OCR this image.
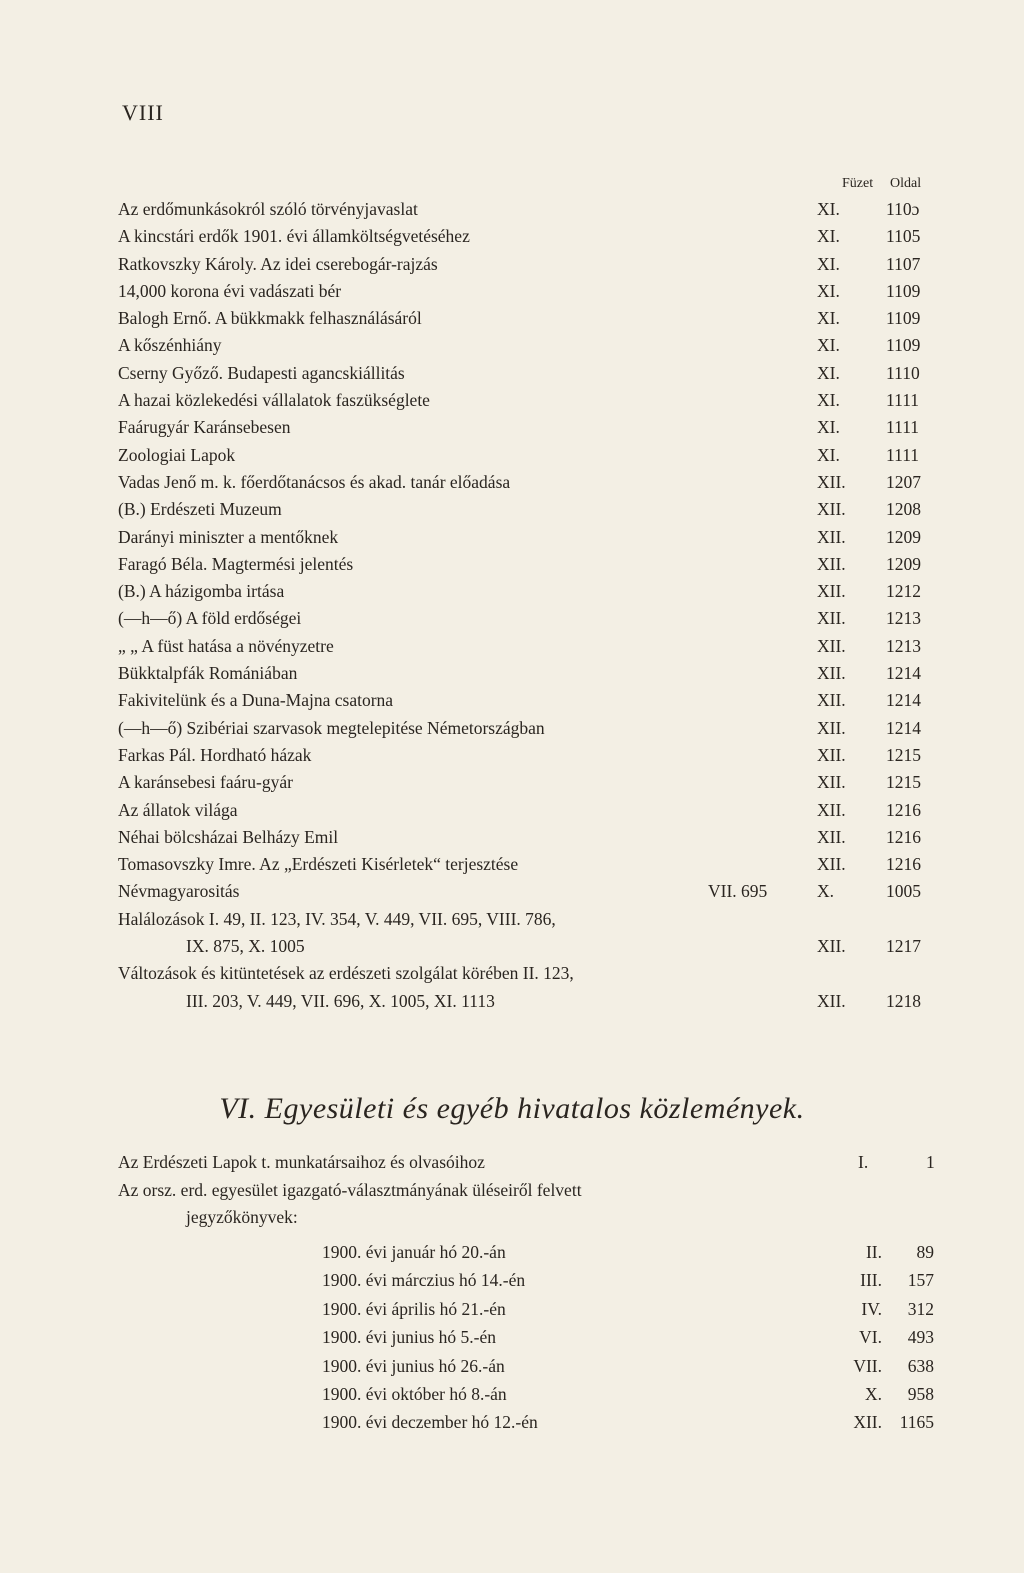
VIII
Füzet Oldal
Az erdőmunkásokról szóló törvényjavaslat	XI.	110ɔ
A kincstári erdők 1901. évi államköltségvetéséhez	XI.	1105
Ratkovszky Károly. Az idei cserebogár-rajzás	XI.	1107
14,000 korona évi vadászati bér	XI.	1109
Balogh Ernő. A bükkmakk felhasználásáról	XI.	1109
A kőszénhiány	XI.	1109
Cserny Győző. Budapesti agancskiállitás	XI.	1110
A hazai közlekedési vállalatok faszükséglete	XI.	1111
Faárugyár Karánsebesen	XI.	1111
Zoologiai Lapok	XI.	1111
Vadas Jenő m. k. főerdőtanácsos és akad. tanár előadása	XII. 1207
(B.) Erdészeti Muzeum	XII. 1208
Darányi miniszter a mentőknek	XII. 1209
Faragó Béla. Magtermési jelentés	XII. 1209
(B.) A házigomba irtása	XII. 1212
(—h—ő) A föld erdőségei	XII. 1213
„ „ A füst hatása a növényzetre	XII. 1213
Bükktalpfák Romániában	XII. 1214
Fakivitelünk és a Duna-Majna csatorna	XII. 1214
(—h—ő) Szibériai szarvasok megtelepitése Németországban	XII. 1214
Farkas Pál. Hordható házak	XII. 1215
A karánsebesi faáru-gyár	XII. 1215
Az állatok világa	XII. 1216
Néhai bölcsházai Belházy Emil	XII. 1216
Tomasovszky Imre. Az „Erdészeti Kisérletek“ terjesztése	XII. 1216
Névmagyarositás	VII. 695	X.	1005
Halálozások I. 49, II. 123, IV. 354, V. 449, VII. 695, VIII. 786,
IX. 875, X. 1005	XII. 1217
Változások és kitüntetések az erdészeti szolgálat körében II. 123,
III. 203, V. 449, VII. 696, X. 1005, XI. 1113	XII. 1218
VI. Egyesületi és egyéb hivatalos közlemények.
Az Erdészeti Lapok t. munkatársaihoz és olvasóihoz	I.	1
Az orsz. erd. egyesület igazgató-választmányának üléseiről felvett
jegyzőkönyvek:
1900. évi január hó 20.-án	II.	89
1900. évi márczius hó 14.-én	III.	157
1900. évi április hó 21.-én	IV.	312
1900. évi junius hó 5.-én	VI.	493
1900. évi junius hó 26.-án	VII.	638
1900. évi október hó 8.-án	X.	958
1900. évi deczember hó 12.-én	XII.	1165
